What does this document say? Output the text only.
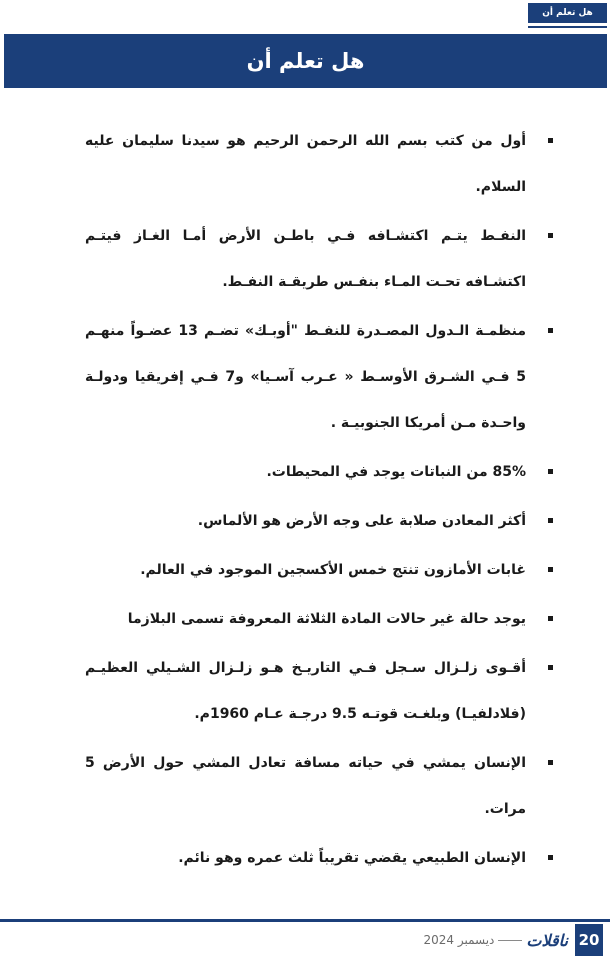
هل تعلم أن
هل تعلم أن
أول من كتب بسم الله الرحمن الرحيم هو سيدنا سليمان عليه السلام.
النفـط يتـم اكتشـافه فـي باطـن الأرض أمـا الغـاز فيتـم اكتشـافه تحـت المـاء بنفـس طريقـة النفـط.
منظمـة الـدول المصـدرة للنفـط "أوبـك» تضـم 13 عضـواً منهـم 5 فـي الشـرق الأوسـط « عـرب آسـيا» و7 فـي إفريقيا ودولـة واحـدة مـن أمريكا الجنوبيـة .
85% من النباتات يوجد في المحيطات.
أكثر المعادن صلابة على وجه الأرض هو الألماس.
غابات الأمازون تنتج خمس الأكسجين الموجود في العالم.
يوجد حالة غير حالات المادة الثلاثة المعروفة تسمى البلازما
أقـوى زلـزال سـجل فـي التاريـخ هـو زلـزال الشـيلي العظيـم (فلادلفيـا) وبلغـت قوتـه 9.5 درجـة عـام 1960م.
الإنسان يمشي في حياته مسافة تعادل المشي حول الأرض 5 مرات.
الإنسان الطبيعي يقضي تقريباً ثلث عمره وهو نائم.
20
ناقلات
ديسمبر 2024
